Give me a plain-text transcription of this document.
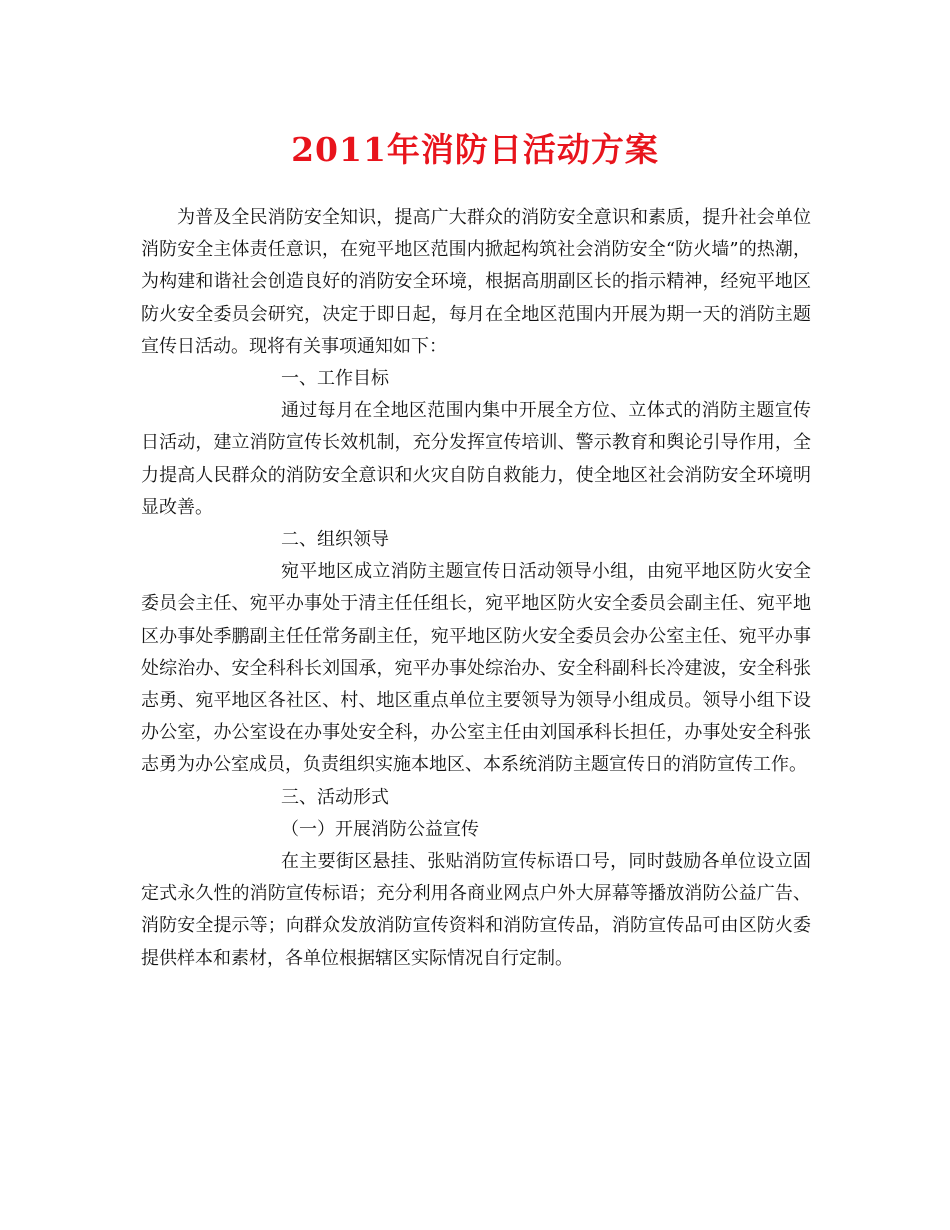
2011年消防日活动方案

为普及全民消防安全知识，提高广大群众的消防安全意识和素质，提升社会单位消防安全主体责任意识，在宛平地区范围内掀起构筑社会消防安全“防火墙”的热潮，为构建和谐社会创造良好的消防安全环境，根据高朋副区长的指示精神，经宛平地区防火安全委员会研究，决定于即日起，每月在全地区范围内开展为期一天的消防主题宣传日活动。现将有关事项通知如下：

一、工作目标

通过每月在全地区范围内集中开展全方位、立体式的消防主题宣传日活动，建立消防宣传长效机制，充分发挥宣传培训、警示教育和舆论引导作用，全力提高人民群众的消防安全意识和火灾自防自救能力，使全地区社会消防安全环境明显改善。

二、组织领导

宛平地区成立消防主题宣传日活动领导小组，由宛平地区防火安全委员会主任、宛平办事处于清主任任组长，宛平地区防火安全委员会副主任、宛平地区办事处季鹏副主任任常务副主任，宛平地区防火安全委员会办公室主任、宛平办事处综治办、安全科科长刘国承，宛平办事处综治办、安全科副科长冷建波，安全科张志勇、宛平地区各社区、村、地区重点单位主要领导为领导小组成员。领导小组下设办公室，办公室设在办事处安全科，办公室主任由刘国承科长担任，办事处安全科张志勇为办公室成员，负责组织实施本地区、本系统消防主题宣传日的消防宣传工作。

三、活动形式

（一）开展消防公益宣传

在主要街区悬挂、张贴消防宣传标语口号，同时鼓励各单位设立固定式永久性的消防宣传标语；充分利用各商业网点户外大屏幕等播放消防公益广告、消防安全提示等；向群众发放消防宣传资料和消防宣传品，消防宣传品可由区防火委提供样本和素材，各单位根据辖区实际情况自行定制。
